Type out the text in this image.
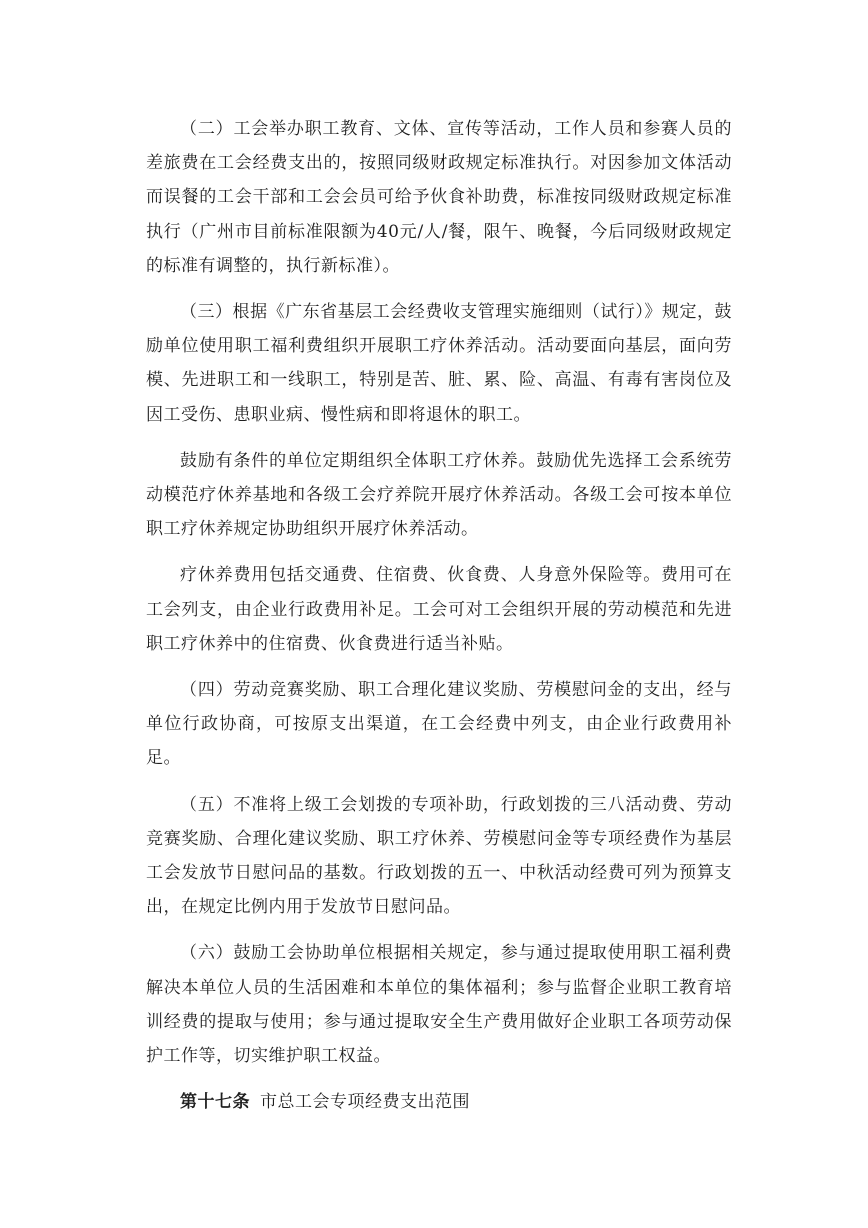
（二）工会举办职工教育、文体、宣传等活动，工作人员和参赛人员的差旅费在工会经费支出的，按照同级财政规定标准执行。对因参加文体活动而误餐的工会干部和工会会员可给予伙食补助费，标准按同级财政规定标准执行（广州市目前标准限额为40元/人/餐，限午、晚餐，今后同级财政规定的标准有调整的，执行新标准）。

（三）根据《广东省基层工会经费收支管理实施细则（试行）》规定，鼓励单位使用职工福利费组织开展职工疗休养活动。活动要面向基层，面向劳模、先进职工和一线职工，特别是苦、脏、累、险、高温、有毒有害岗位及因工受伤、患职业病、慢性病和即将退休的职工。

鼓励有条件的单位定期组织全体职工疗休养。鼓励优先选择工会系统劳动模范疗休养基地和各级工会疗养院开展疗休养活动。各级工会可按本单位职工疗休养规定协助组织开展疗休养活动。

疗休养费用包括交通费、住宿费、伙食费、人身意外保险等。费用可在工会列支，由企业行政费用补足。工会可对工会组织开展的劳动模范和先进职工疗休养中的住宿费、伙食费进行适当补贴。

（四）劳动竞赛奖励、职工合理化建议奖励、劳模慰问金的支出，经与单位行政协商，可按原支出渠道，在工会经费中列支，由企业行政费用补足。

（五）不准将上级工会划拨的专项补助，行政划拨的三八活动费、劳动竞赛奖励、合理化建议奖励、职工疗休养、劳模慰问金等专项经费作为基层工会发放节日慰问品的基数。行政划拨的五一、中秋活动经费可列为预算支出，在规定比例内用于发放节日慰问品。

（六）鼓励工会协助单位根据相关规定，参与通过提取使用职工福利费解决本单位人员的生活困难和本单位的集体福利；参与监督企业职工教育培训经费的提取与使用；参与通过提取安全生产费用做好企业职工各项劳动保护工作等，切实维护职工权益。

第十七条 市总工会专项经费支出范围
